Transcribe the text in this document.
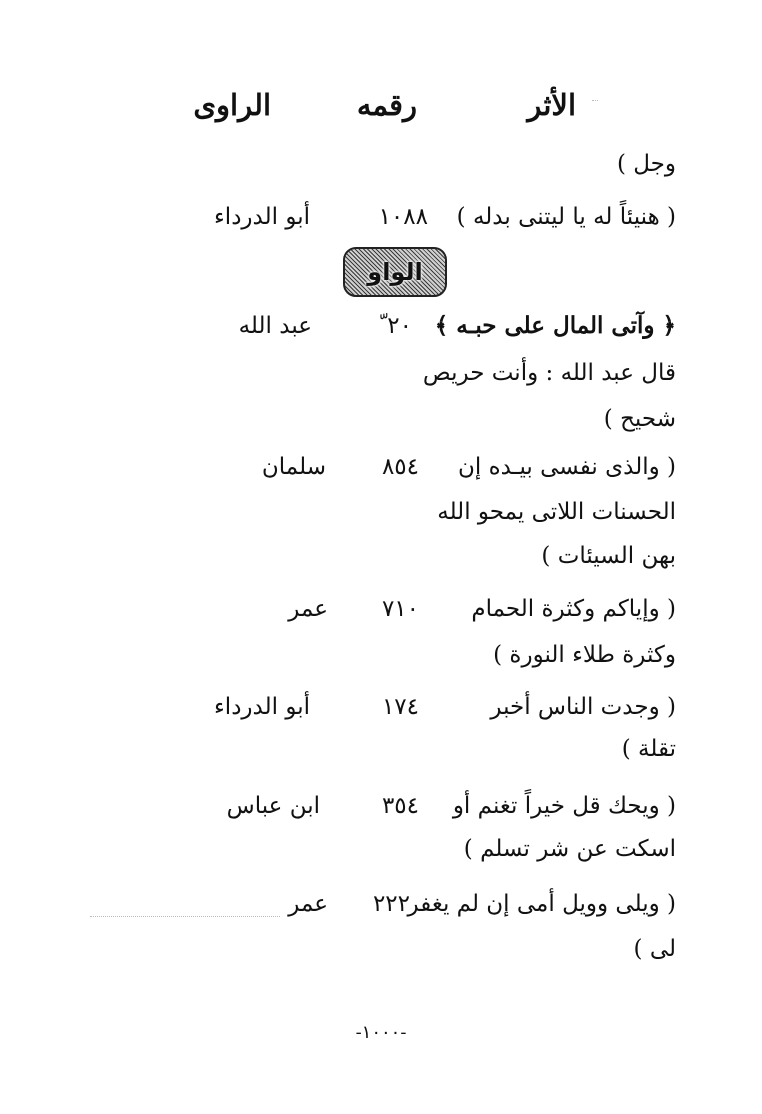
الأثر
رقمه
الراوى
وجل )
( هنيئاً له يا ليتنى بدله )
١٠٨٨
أبو الدرداء
الواو
﴿ وآتى المال على حبـه ﴾
قال عبد الله : وأنت حريص
شحيح )
٢٠ ّ
عبد الله
( والذى نفسى بيـده إن
الحسنات اللاتى يمحو الله
بهن السيئات )
٨٥٤
سلمان
( وإياكم وكثرة الحمام
وكثرة طلاء النورة )
٧١٠
عمر
( وجدت الناس أخبر
تقلة )
١٧٤
أبو الدرداء
( ويحك قل خيراً تغنم أو
اسكت عن شر تسلم )
٣٥٤
ابن عباس
( ويلى وويل أمى إن لم يغفر
لى )
٢٢٢
عمر
-١٠٠٠-
